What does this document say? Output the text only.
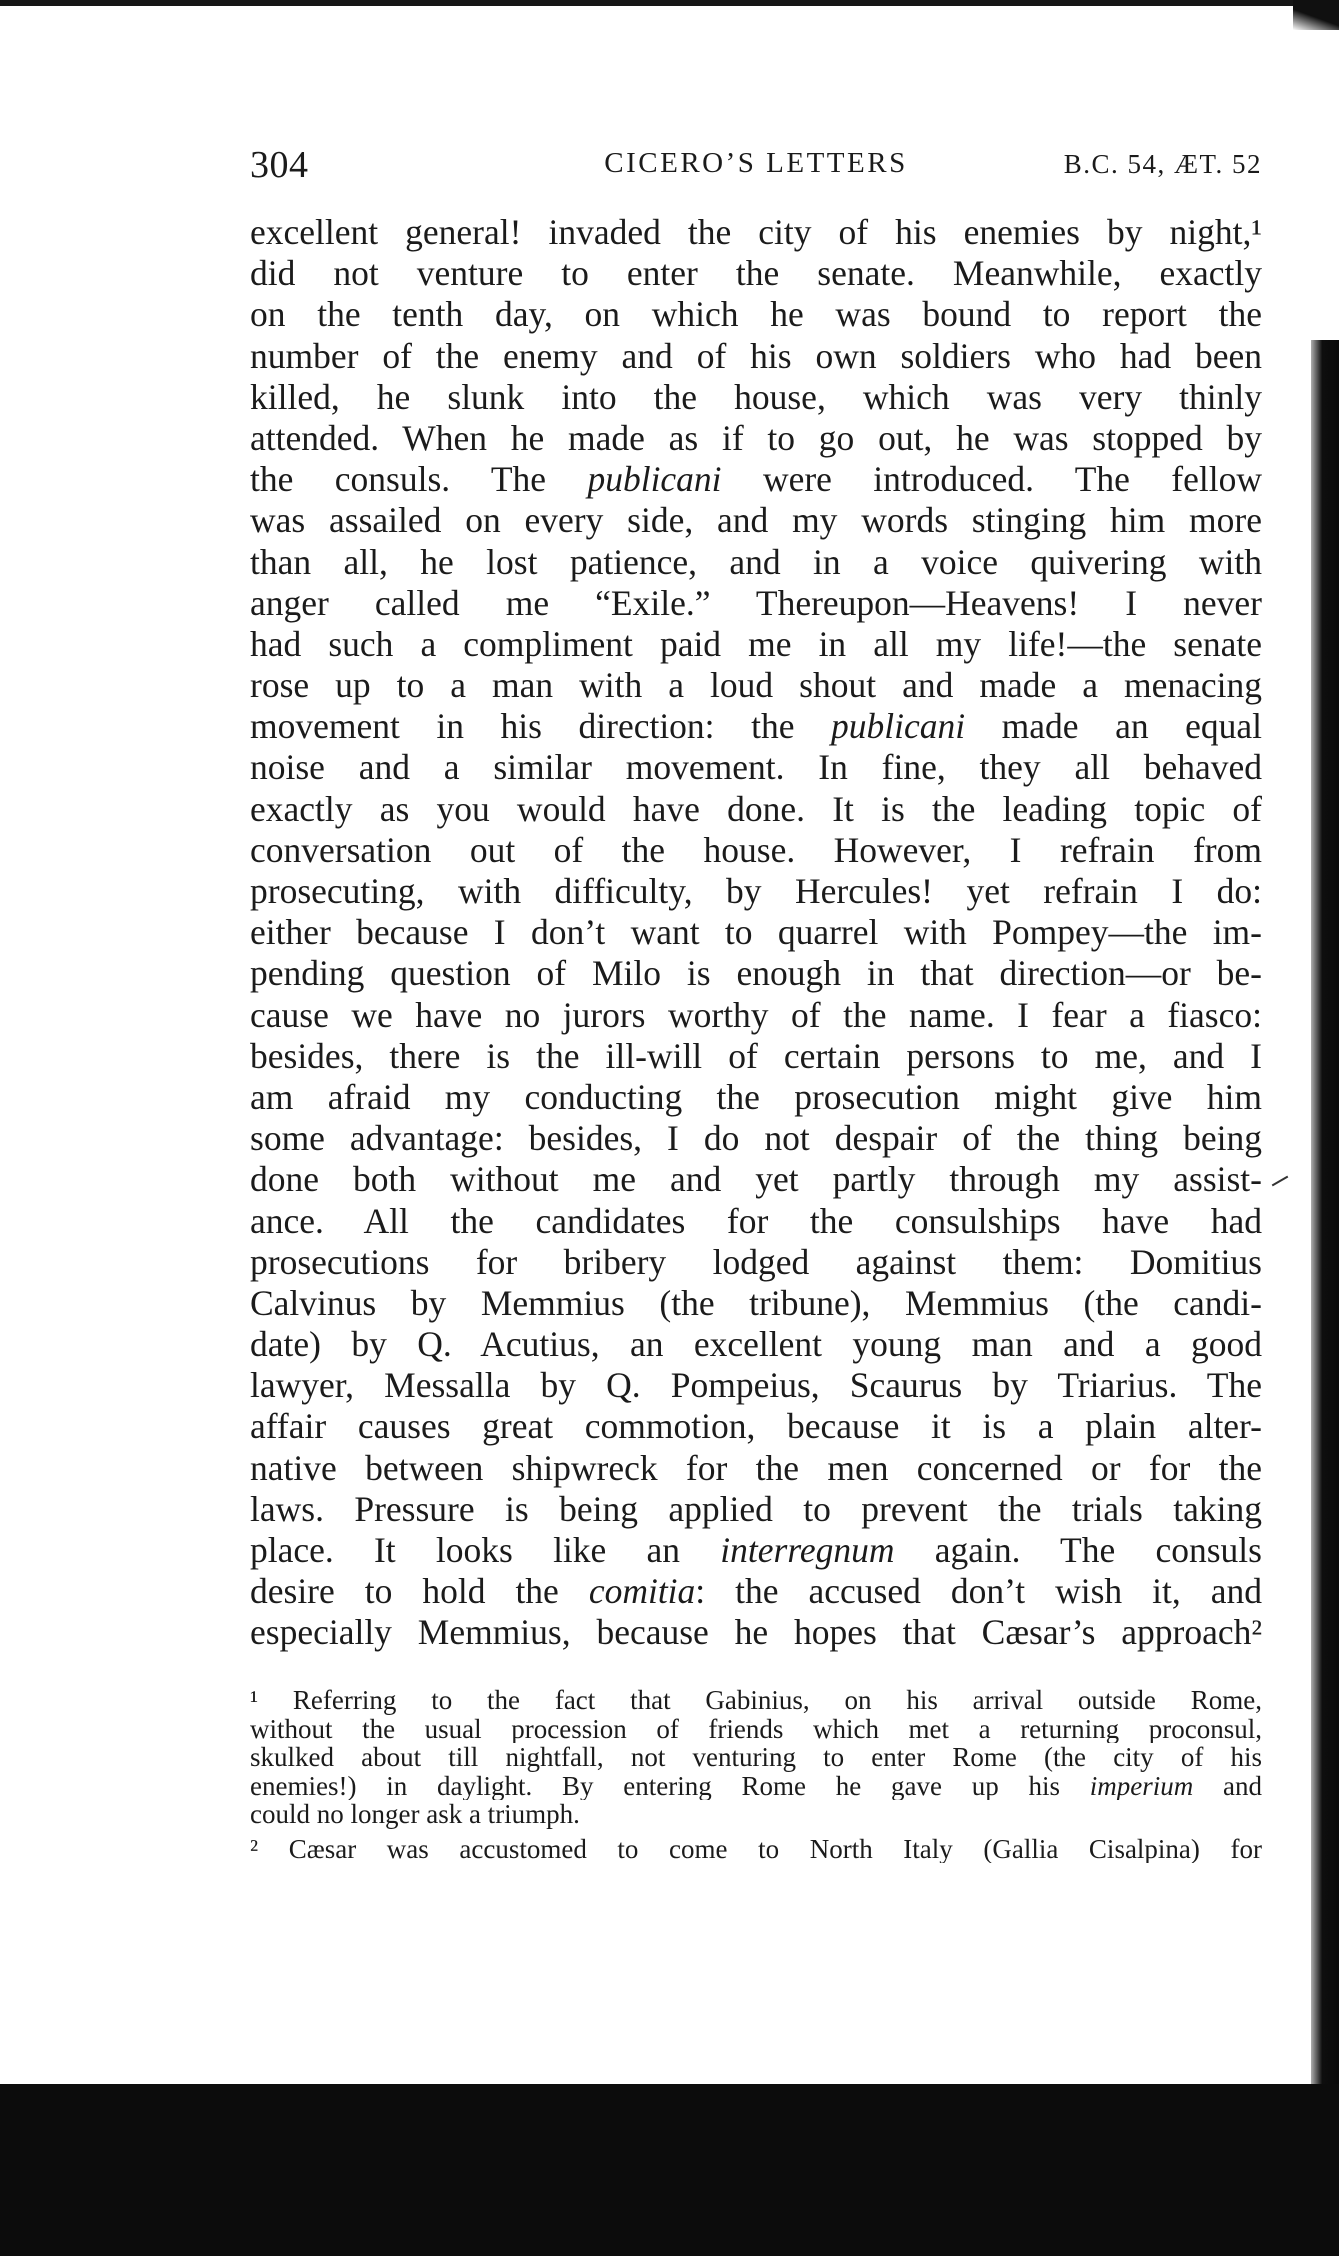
304	CICERO’S LETTERS	B.C. 54, ÆT. 52
excellent general! invaded the city of his enemies by night,¹
did not venture to enter the senate. Meanwhile, exactly
on the tenth day, on which he was bound to report the
number of the enemy and of his own soldiers who had been
killed, he slunk into the house, which was very thinly
attended. When he made as if to go out, he was stopped by
the consuls. The publicani were introduced. The fellow
was assailed on every side, and my words stinging him more
than all, he lost patience, and in a voice quivering with
anger called me “Exile.” Thereupon—Heavens! I never
had such a compliment paid me in all my life!—the senate
rose up to a man with a loud shout and made a menacing
movement in his direction: the publicani made an equal
noise and a similar movement. In fine, they all behaved
exactly as you would have done. It is the leading topic of
conversation out of the house. However, I refrain from
prosecuting, with difficulty, by Hercules! yet refrain I do:
either because I don’t want to quarrel with Pompey—the im-
pending question of Milo is enough in that direction—or be-
cause we have no jurors worthy of the name. I fear a fiasco:
besides, there is the ill-will of certain persons to me, and I
am afraid my conducting the prosecution might give him
some advantage: besides, I do not despair of the thing being
done both without me and yet partly through my assist-
ance. All the candidates for the consulships have had
prosecutions for bribery lodged against them: Domitius
Calvinus by Memmius (the tribune), Memmius (the candi-
date) by Q. Acutius, an excellent young man and a good
lawyer, Messalla by Q. Pompeius, Scaurus by Triarius. The
affair causes great commotion, because it is a plain alter-
native between shipwreck for the men concerned or for the
laws. Pressure is being applied to prevent the trials taking
place. It looks like an interregnum again. The consuls
desire to hold the comitia: the accused don’t wish it, and
especially Memmius, because he hopes that Cæsar’s approach²
¹ Referring to the fact that Gabinius, on his arrival outside Rome,
without the usual procession of friends which met a returning proconsul,
skulked about till nightfall, not venturing to enter Rome (the city of his
enemies!) in daylight. By entering Rome he gave up his imperium and
could no longer ask a triumph.
² Cæsar was accustomed to come to North Italy (Gallia Cisalpina) for
